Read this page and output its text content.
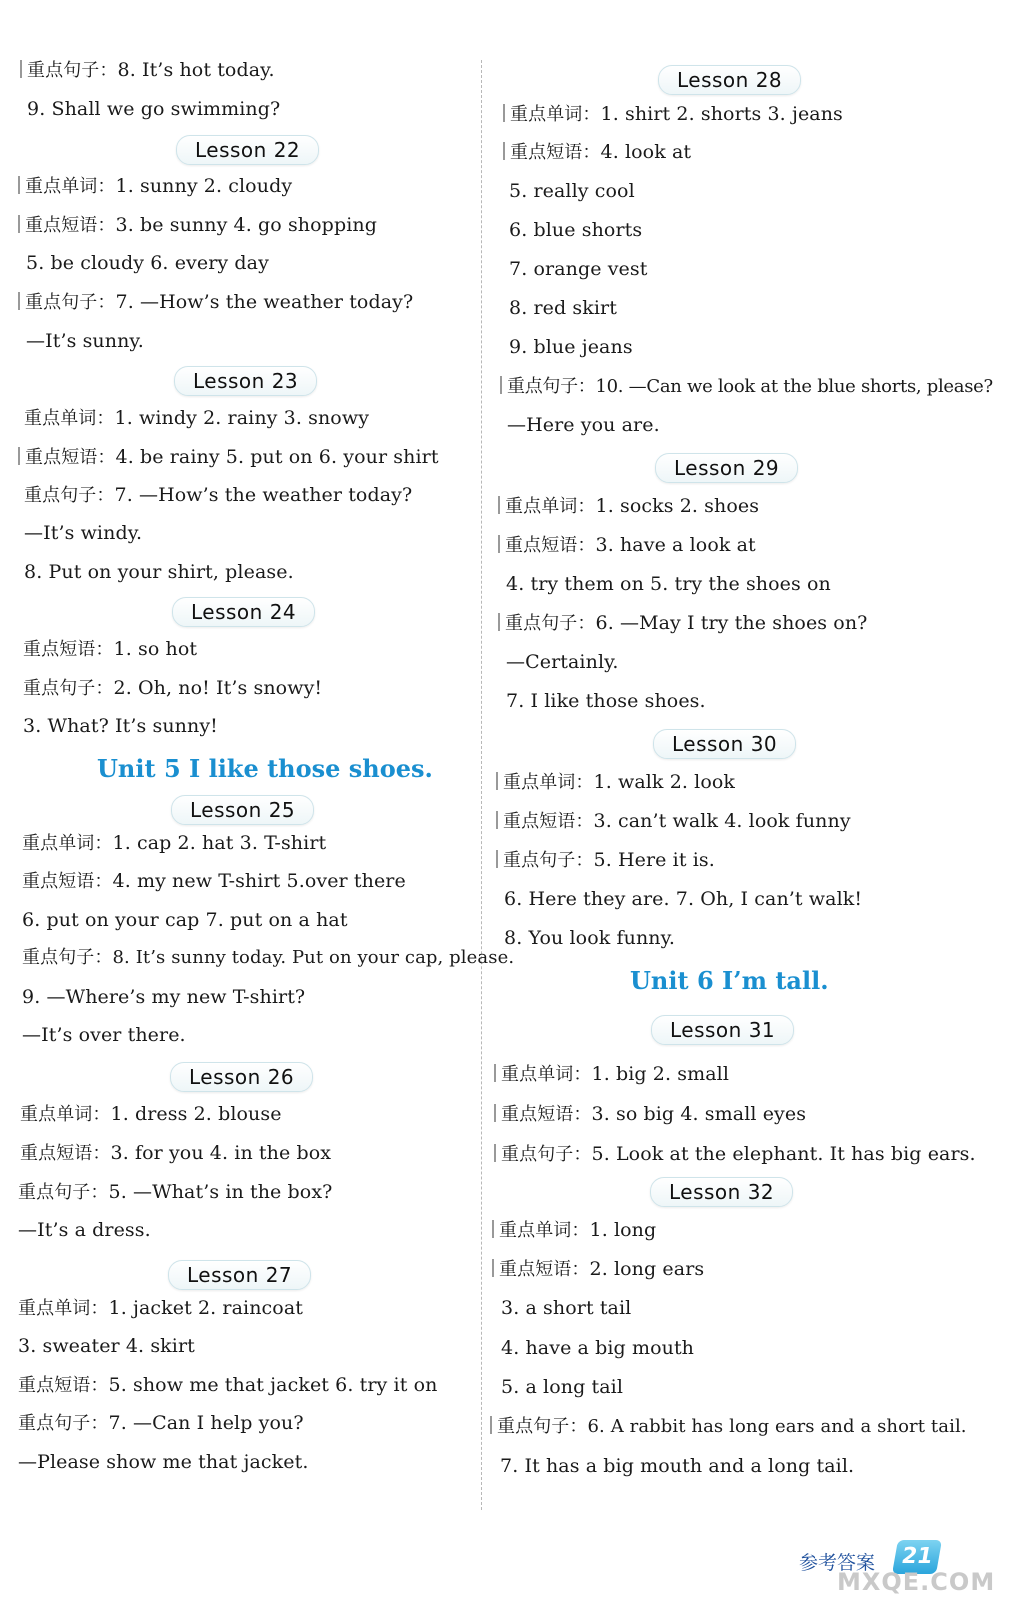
重点句子：8. It’s hot today.
9. Shall we go swimming?
Lesson 22
重点单词：1. sunny 2. cloudy
重点短语：3. be sunny 4. go shopping
5. be cloudy 6. every day
重点句子：7. —How’s the weather today?
—It’s sunny.
Lesson 23
重点单词：1. windy 2. rainy 3. snowy
重点短语：4. be rainy 5. put on 6. your shirt
重点句子：7. —How’s the weather today?
—It’s windy.
8. Put on your shirt, please.
Lesson 24
重点短语：1. so hot
重点句子：2. Oh, no! It’s snowy!
3. What? It’s sunny!
Unit 5 I like those shoes.
Lesson 25
重点单词：1. cap 2. hat 3. T-shirt
重点短语：4. my new T-shirt 5.over there
6. put on your cap 7. put on a hat
重点句子：8. It’s sunny today. Put on your cap, please.
9. —Where’s my new T-shirt?
—It’s over there.
Lesson 26
重点单词：1. dress 2. blouse
重点短语：3. for you 4. in the box
重点句子：5. —What’s in the box?
—It’s a dress.
Lesson 27
重点单词：1. jacket 2. raincoat
3. sweater 4. skirt
重点短语：5. show me that jacket 6. try it on
重点句子：7. —Can I help you?
—Please show me that jacket.
Lesson 28
重点单词：1. shirt 2. shorts 3. jeans
重点短语：4. look at
5. really cool
6. blue shorts
7. orange vest
8. red skirt
9. blue jeans
重点句子：10. —Can we look at the blue shorts, please?
—Here you are.
Lesson 29
重点单词：1. socks 2. shoes
重点短语：3. have a look at
4. try them on 5. try the shoes on
重点句子：6. —May I try the shoes on?
—Certainly.
7. I like those shoes.
Lesson 30
重点单词：1. walk 2. look
重点短语：3. can’t walk 4. look funny
重点句子：5. Here it is.
6. Here they are. 7. Oh, I can’t walk!
8. You look funny.
Unit 6 I’m tall.
Lesson 31
重点单词：1. big 2. small
重点短语：3. so big 4. small eyes
重点句子：5. Look at the elephant. It has big ears.
Lesson 32
重点单词：1. long
重点短语：2. long ears
3. a short tail
4. have a big mouth
5. a long tail
重点句子：6. A rabbit has long ears and a short tail.
7. It has a big mouth and a long tail.
参考答案	21
MXQE.COM
